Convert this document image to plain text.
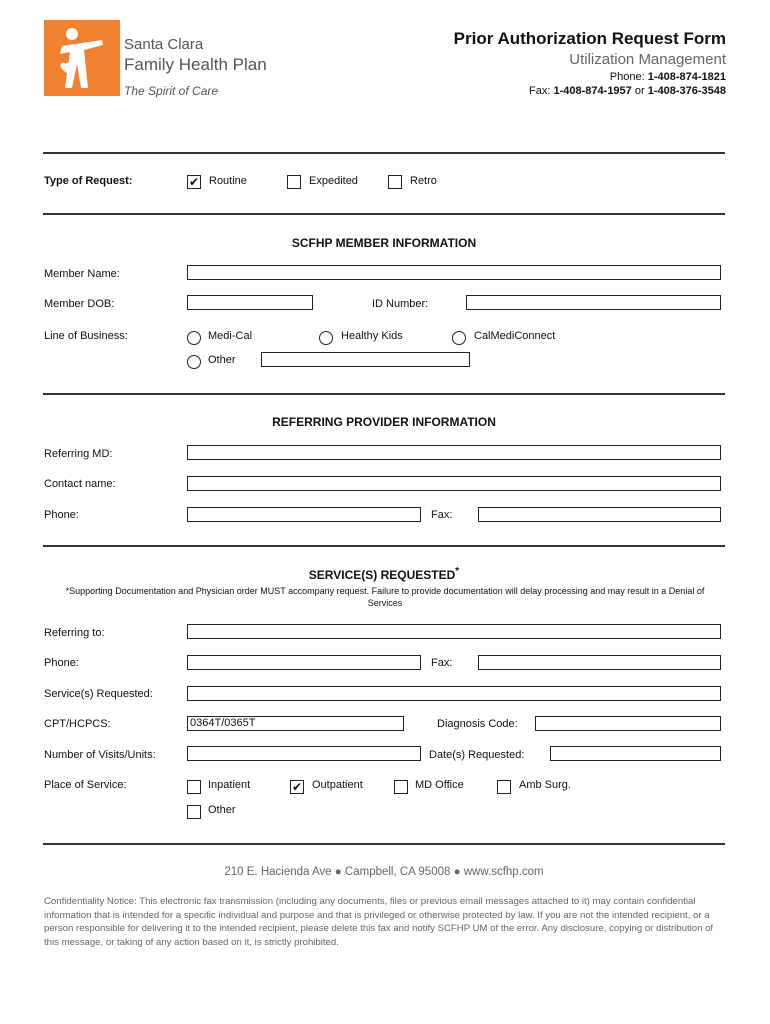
Santa Clara
Family Health Plan
The Spirit of Care
Prior Authorization Request Form
Utilization Management
Phone: 1-408-874-1821
Fax: 1-408-874-1957 or 1-408-376-3548
Type of Request:	✔ Routine	Expedited	Retro
SCFHP MEMBER INFORMATION
Member Name:
Member DOB:	ID Number:
Line of Business:	Medi-Cal	Healthy Kids	CalMediConnect
Other
REFERRING PROVIDER INFORMATION
Referring MD:
Contact name:
Phone:	Fax:
SERVICE(S) REQUESTED*
*Supporting Documentation and Physician order MUST accompany request. Failure to provide documentation will delay processing and may result in a Denial of Services
Referring to:
Phone:	Fax:
Service(s) Requested:
CPT/HCPCS:	0364T/0365T	Diagnosis Code:
Number of Visits/Units:	Date(s) Requested:
Place of Service:	Inpatient	✔ Outpatient	MD Office	Amb Surg.
Other
210 E. Hacienda Ave ● Campbell, CA 95008 ● www.scfhp.com
Confidentiality Notice: This electronic fax transmission (including any documents, files or previous email messages attached to it) may contain confidential information that is intended for a specific individual and purpose and that is privileged or otherwise protected by law. If you are not the intended recipient, or a person responsible for delivering it to the intended recipient, please delete this fax and notify SCFHP UM of the error. Any disclosure, copying or distribution of this message, or taking of any action based on it, is strictly prohibited.
